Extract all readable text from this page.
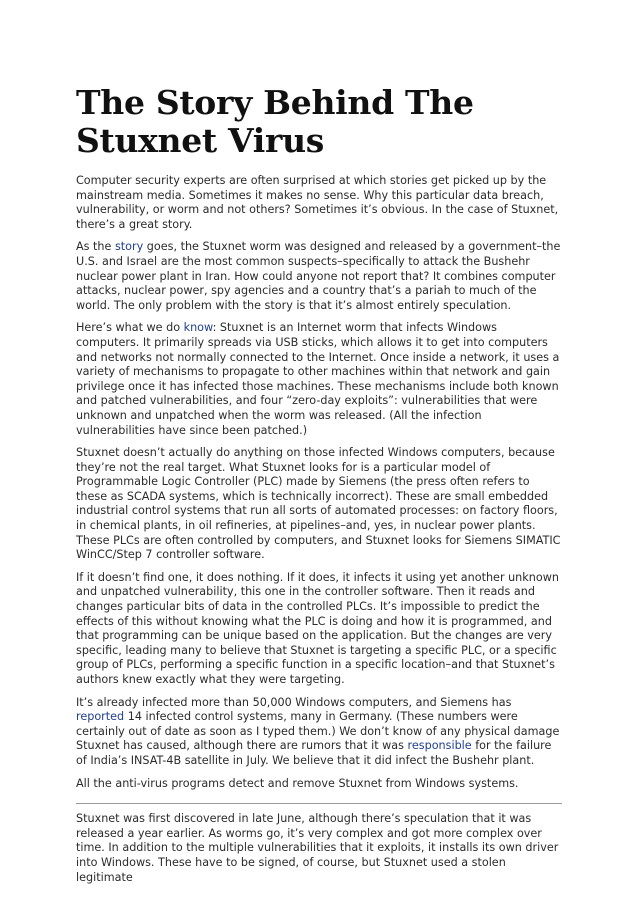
The Story Behind The
Stuxnet Virus

Computer security experts are often surprised at which stories get picked up by the mainstream media. Sometimes it makes no sense. Why this particular data breach, vulnerability, or worm and not others? Sometimes it’s obvious. In the case of Stuxnet, there’s a great story.

As the story goes, the Stuxnet worm was designed and released by a government–the U.S. and Israel are the most common suspects–specifically to attack the Bushehr nuclear power plant in Iran. How could anyone not report that? It combines computer attacks, nuclear power, spy agencies and a country that’s a pariah to much of the world. The only problem with the story is that it’s almost entirely speculation.

Here’s what we do know: Stuxnet is an Internet worm that infects Windows computers. It primarily spreads via USB sticks, which allows it to get into computers and networks not normally connected to the Internet. Once inside a network, it uses a variety of mechanisms to propagate to other machines within that network and gain privilege once it has infected those machines. These mechanisms include both known and patched vulnerabilities, and four “zero-day exploits”: vulnerabilities that were unknown and unpatched when the worm was released. (All the infection vulnerabilities have since been patched.)

Stuxnet doesn’t actually do anything on those infected Windows computers, because they’re not the real target. What Stuxnet looks for is a particular model of Programmable Logic Controller (PLC) made by Siemens (the press often refers to these as SCADA systems, which is technically incorrect). These are small embedded industrial control systems that run all sorts of automated processes: on factory floors, in chemical plants, in oil refineries, at pipelines–and, yes, in nuclear power plants. These PLCs are often controlled by computers, and Stuxnet looks for Siemens SIMATIC WinCC/Step 7 controller software.

If it doesn’t find one, it does nothing. If it does, it infects it using yet another unknown and unpatched vulnerability, this one in the controller software. Then it reads and changes particular bits of data in the controlled PLCs. It’s impossible to predict the effects of this without knowing what the PLC is doing and how it is programmed, and that programming can be unique based on the application. But the changes are very specific, leading many to believe that Stuxnet is targeting a specific PLC, or a specific group of PLCs, performing a specific function in a specific location–and that Stuxnet’s authors knew exactly what they were targeting.

It’s already infected more than 50,000 Windows computers, and Siemens has reported 14 infected control systems, many in Germany. (These numbers were certainly out of date as soon as I typed them.) We don’t know of any physical damage Stuxnet has caused, although there are rumors that it was responsible for the failure of India’s INSAT-4B satellite in July. We believe that it did infect the Bushehr plant.

All the anti-virus programs detect and remove Stuxnet from Windows systems.

Stuxnet was first discovered in late June, although there’s speculation that it was released a year earlier. As worms go, it’s very complex and got more complex over time. In addition to the multiple vulnerabilities that it exploits, it installs its own driver into Windows. These have to be signed, of course, but Stuxnet used a stolen legitimate
